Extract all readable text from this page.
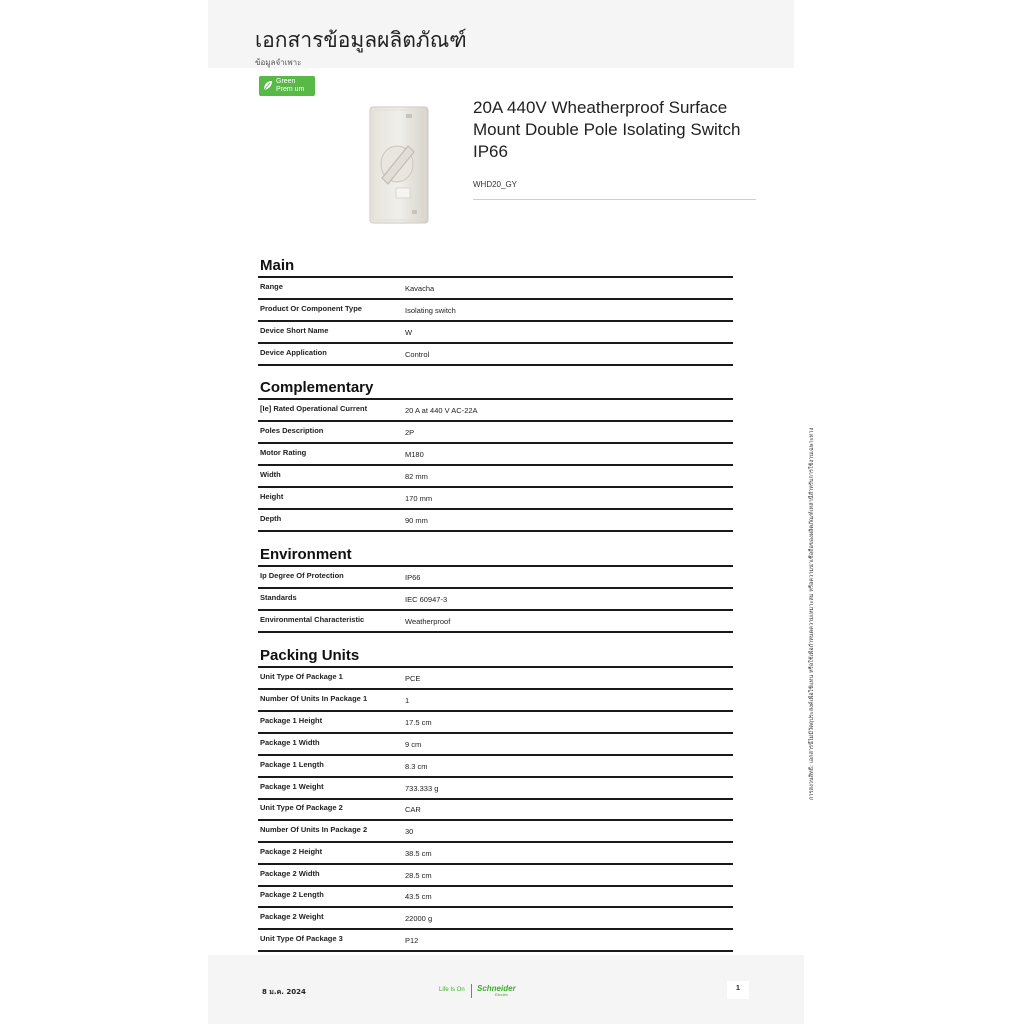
เอกสารข้อมูลผลิตภัณฑ์
ข้อมูลจำเพาะ
Green
Prem um
20A 440V Wheatherproof Surface Mount Double Pole Isolating Switch IP66
WHD20_GY
Main
Range	Kavacha
Product Or Component Type	Isolating switch
Device Short Name	W
Device Application	Control
Complementary
[Ie] Rated Operational Current	20 A at 440 V AC-22A
Poles Description	2P
Motor Rating	M180
Width	82 mm
Height	170 mm
Depth	90 mm
Environment
Ip Degree Of Protection	IP66
Standards	IEC 60947-3
Environmental Characteristic	Weatherproof
Packing Units
Unit Type Of Package 1	PCE
Number Of Units In Package 1	1
Package 1 Height	17.5 cm
Package 1 Width	9 cm
Package 1 Length	8.3 cm
Package 1 Weight	733.333 g
Unit Type Of Package 2	CAR
Number Of Units In Package 2	30
Package 2 Height	38.5 cm
Package 2 Width	28.5 cm
Package 2 Length	43.5 cm
Package 2 Weight	22000 g
Unit Type Of Package 3	P12
การสงวนสิทธิ์: เอกสารนี้ไม่มีวัตถุประสงค์เพื่อใช้แทน หรือใช้เพื่อกำหนดความเหมาะสม หรือความน่าเชื่อถือของผลิตภัณฑ์เหล่านี้สำหรับการใช้งานเฉพาะทาง
8 ม.ค. 2024	Life Is On Schneider
Electric
1
